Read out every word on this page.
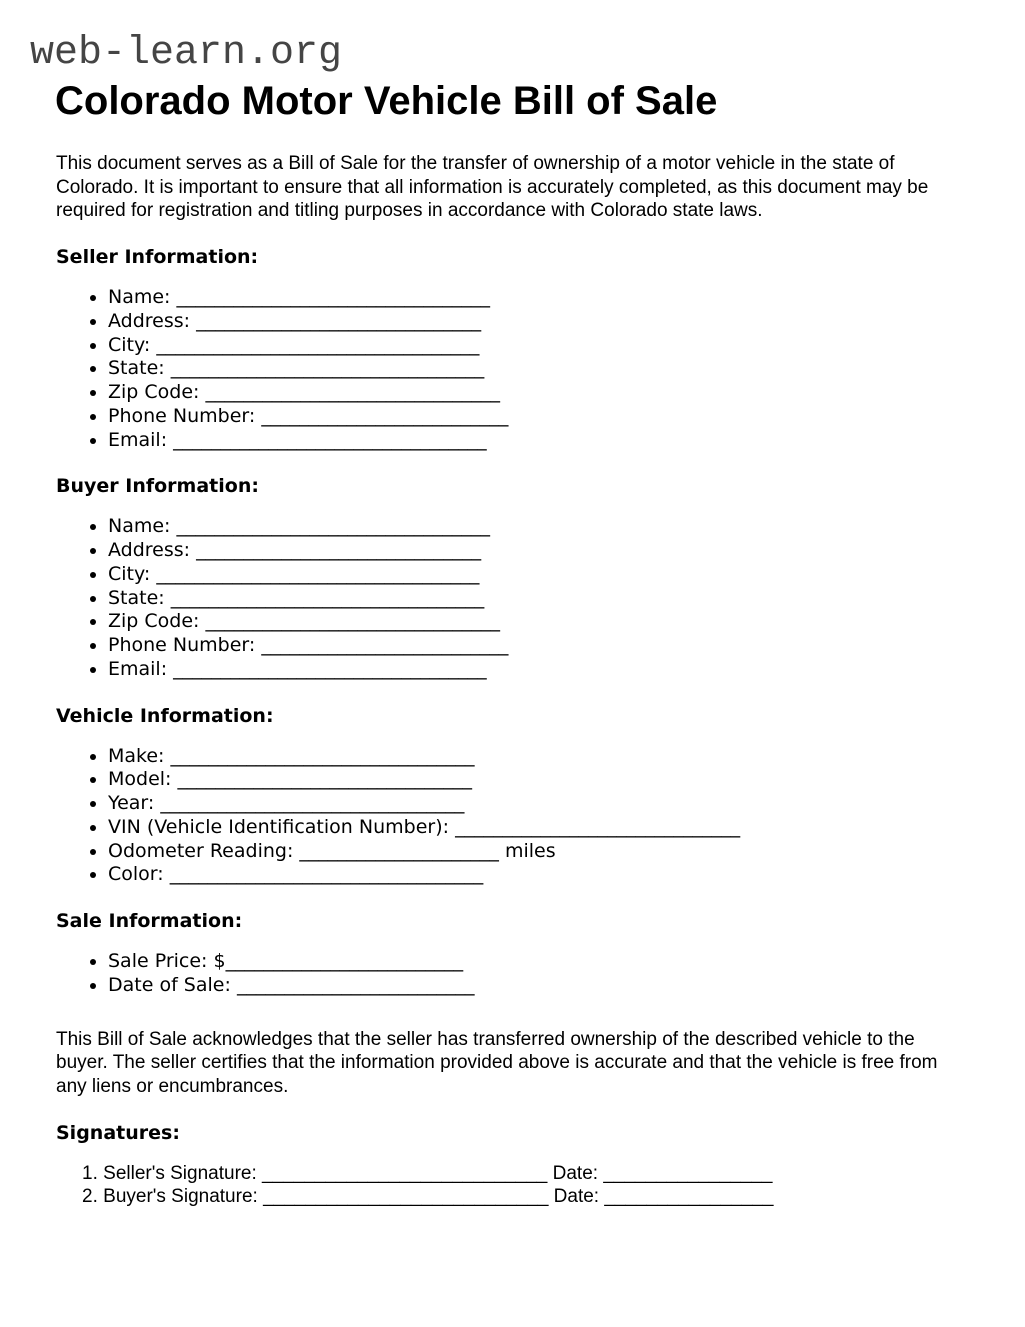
web-learn.org
Colorado Motor Vehicle Bill of Sale

This document serves as a Bill of Sale for the transfer of ownership of a motor vehicle in the state of Colorado. It is important to ensure that all information is accurately completed, as this document may be required for registration and titling purposes in accordance with Colorado state laws.

Seller Information:
• Name: _________________________________
• Address: ______________________________
• City: __________________________________
• State: _________________________________
• Zip Code: _______________________________
• Phone Number: __________________________
• Email: _________________________________
Buyer Information:
• Name: _________________________________
• Address: ______________________________
• City: __________________________________
• State: _________________________________
• Zip Code: _______________________________
• Phone Number: __________________________
• Email: _________________________________
Vehicle Information:
• Make: ________________________________
• Model: _______________________________
• Year: ________________________________
• VIN (Vehicle Identification Number): ______________________________
• Odometer Reading: _____________________ miles
• Color: _________________________________
Sale Information:
• Sale Price: $_________________________
• Date of Sale: _________________________

This Bill of Sale acknowledges that the seller has transferred ownership of the described vehicle to the buyer. The seller certifies that the information provided above is accurate and that the vehicle is free from any liens or encumbrances.

Signatures:
1. Seller's Signature: ___________________________ Date: ________________
2. Buyer's Signature: ___________________________ Date: ________________
